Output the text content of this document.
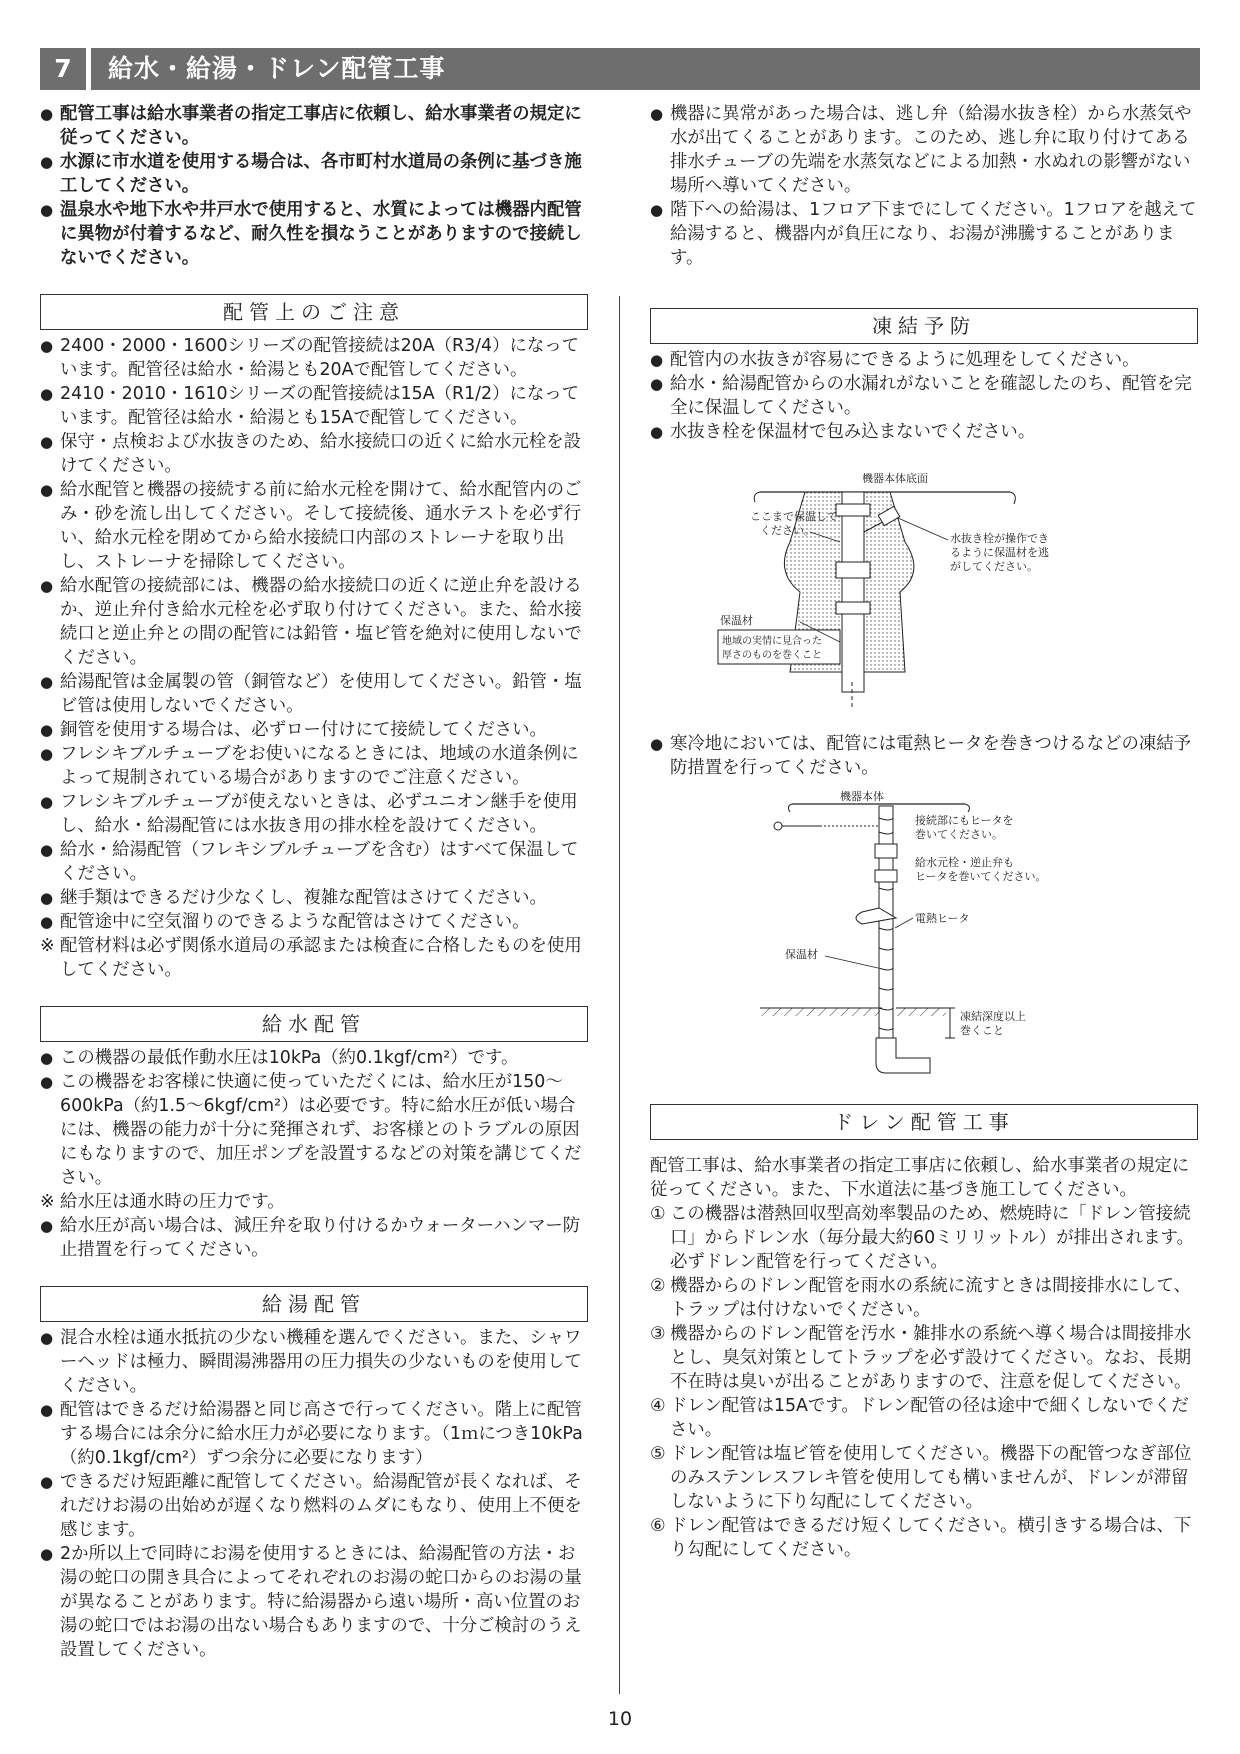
7	給水・給湯・ドレン配管工事

● 配管工事は給水事業者の指定工事店に依頼し、給水事業者の規定に従ってください。

● 水源に市水道を使用する場合は、各市町村水道局の条例に基づき施工してください。

● 温泉水や地下水や井戸水で使用すると、水質によっては機器内配管に異物が付着するなど、耐久性を損なうことがありますので接続しないでください。

配管上のご注意

● 2400・2000・1600シリーズの配管接続は20A（R3/4）になっています。配管径は給水・給湯とも20Aで配管してください。

● 2410・2010・1610シリーズの配管接続は15A（R1/2）になっています。配管径は給水・給湯とも15Aで配管してください。

● 保守・点検および水抜きのため、給水接続口の近くに給水元栓を設けてください。

● 給水配管と機器の接続する前に給水元栓を開けて、給水配管内のごみ・砂を流し出してください。そして接続後、通水テストを必ず行い、給水元栓を閉めてから給水接続口内部のストレーナを取り出し、ストレーナを掃除してください。

● 給水配管の接続部には、機器の給水接続口の近くに逆止弁を設けるか、逆止弁付き給水元栓を必ず取り付けてください。また、給水接続口と逆止弁との間の配管には鉛管・塩ビ管を絶対に使用しないでください。

● 給湯配管は金属製の管（銅管など）を使用してください。鉛管・塩ビ管は使用しないでください。

● 銅管を使用する場合は、必ずロー付けにて接続してください。

● フレシキブルチューブをお使いになるときには、地域の水道条例によって規制されている場合がありますのでご注意ください。

● フレシキブルチューブが使えないときは、必ずユニオン継手を使用し、給水・給湯配管には水抜き用の排水栓を設けてください。

● 給水・給湯配管（フレキシブルチューブを含む）はすべて保温してください。

● 継手類はできるだけ少なくし、複雑な配管はさけてください。

● 配管途中に空気溜りのできるような配管はさけてください。

※ 配管材料は必ず関係水道局の承認または検査に合格したものを使用してください。

給水配管

● この機器の最低作動水圧は10kPa（約0.1kgf/cm²）です。

● この機器をお客様に快適に使っていただくには、給水圧が150～600kPa（約1.5～6kgf/cm²）は必要です。特に給水圧が低い場合には、機器の能力が十分に発揮されず、お客様とのトラブルの原因にもなりますので、加圧ポンプを設置するなどの対策を講じてください。

※ 給水圧は通水時の圧力です。

● 給水圧が高い場合は、減圧弁を取り付けるかウォーターハンマー防止措置を行ってください。

給湯配管

● 混合水栓は通水抵抗の少ない機種を選んでください。また、シャワーヘッドは極力、瞬間湯沸器用の圧力損失の少ないものを使用してください。

● 配管はできるだけ給湯器と同じ高さで行ってください。階上に配管する場合には余分に給水圧力が必要になります。（1ｍにつき10kPa（約0.1kgf/cm²）ずつ余分に必要になります）

● できるだけ短距離に配管してください。給湯配管が長くなれば、それだけお湯の出始めが遅くなり燃料のムダにもなり、使用上不便を感じます。

● 2か所以上で同時にお湯を使用するときには、給湯配管の方法・お湯の蛇口の開き具合によってそれぞれのお湯の蛇口からのお湯の量が異なることがあります。特に給湯器から遠い場所・高い位置のお湯の蛇口ではお湯の出ない場合もありますので、十分ご検討のうえ設置してください。

● 機器に異常があった場合は、逃し弁（給湯水抜き栓）から水蒸気や水が出てくることがあります。このため、逃し弁に取り付けてある排水チューブの先端を水蒸気などによる加熱・水ぬれの影響がない場所へ導いてください。

● 階下への給湯は、1フロア下までにしてください。1フロアを越えて給湯すると、機器内が負圧になり、お湯が沸騰することがあります。

凍結予防

● 配管内の水抜きが容易にできるように処理をしてください。

● 給水・給湯配管からの水漏れがないことを確認したのち、配管を完全に保温してください。

● 水抜き栓を保温材で包み込まないでください。

機器本体底面
ここまで保温して
ください。
水抜き栓が操作でき
るように保温材を逃
がしてください。
保温材
地域の実情に見合った
厚さのものを巻くこと

● 寒冷地においては、配管には電熱ヒータを巻きつけるなどの凍結予防措置を行ってください。

機器本体
接続部にもヒータを
巻いてください。
給水元栓・逆止弁も
ヒータを巻いてください。
電熱ヒータ
保温材
凍結深度以上
巻くこと
ドレン配管工事

配管工事は、給水事業者の指定工事店に依頼し、給水事業者の規定に従ってください。また、下水道法に基づき施工してください。

① この機器は潜熱回収型高効率製品のため、燃焼時に「ドレン管接続口」からドレン水（毎分最大約60ミリリットル）が排出されます。必ずドレン配管を行ってください。

② 機器からのドレン配管を雨水の系統に流すときは間接排水にして、トラップは付けないでください。

③ 機器からのドレン配管を汚水・雑排水の系統へ導く場合は間接排水とし、臭気対策としてトラップを必ず設けてください。なお、長期不在時は臭いが出ることがありますので、注意を促してください。

④ ドレン配管は15Aです。ドレン配管の径は途中で細くしないでください。

⑤ ドレン配管は塩ビ管を使用してください。機器下の配管つなぎ部位のみステンレスフレキ管を使用しても構いませんが、ドレンが滞留しないように下り勾配にしてください。

⑥ ドレン配管はできるだけ短くしてください。横引きする場合は、下り勾配にしてください。

10
